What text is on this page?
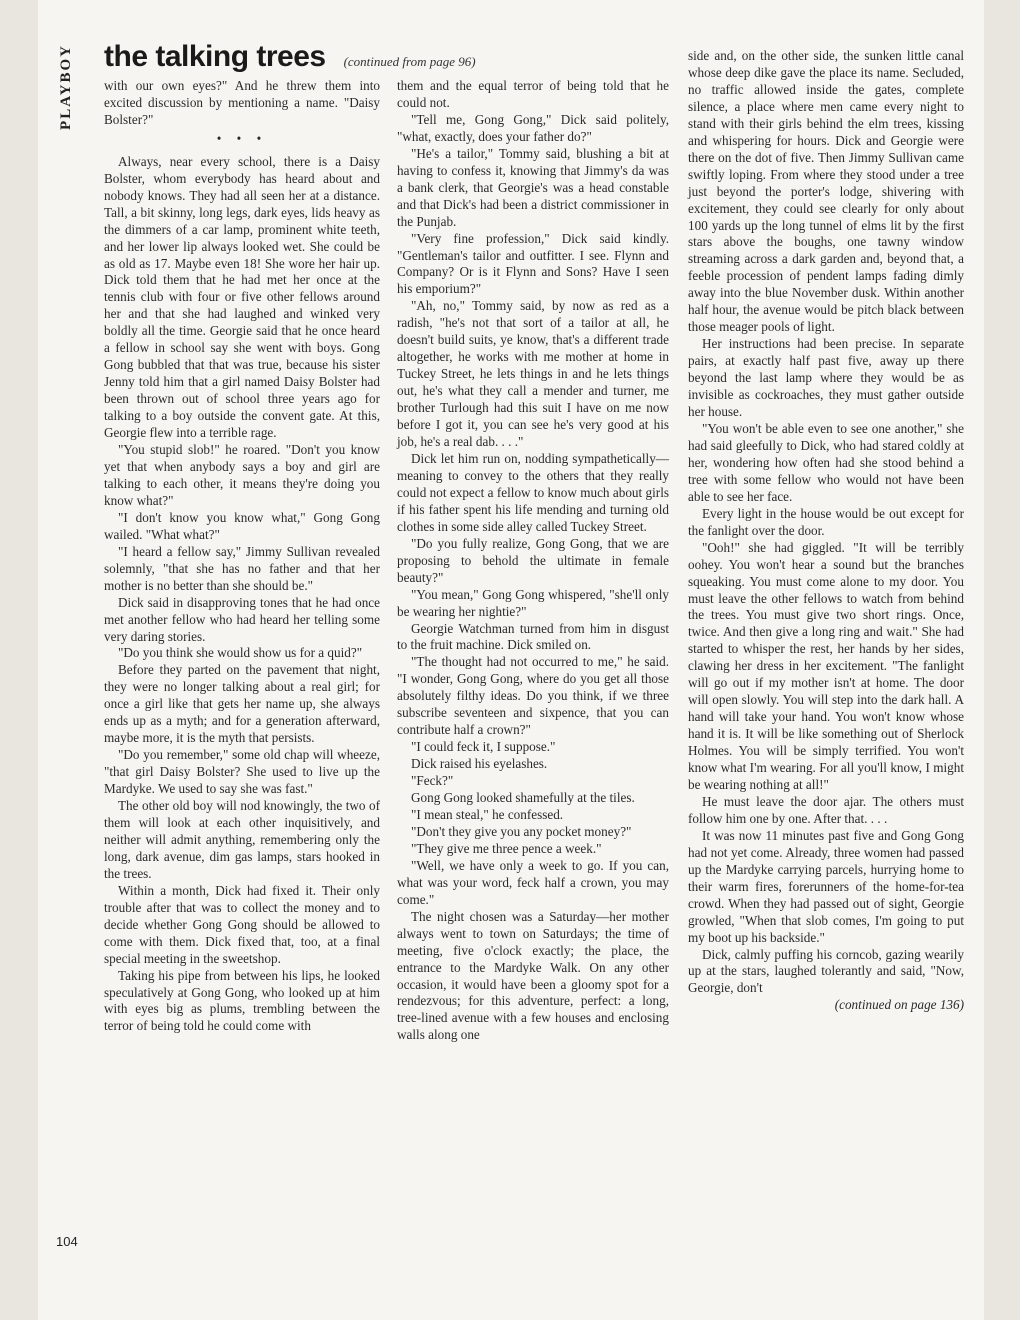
PLAYBOY the talking trees (continued from page 96)

with our own eyes?" And he threw them into excited discussion by mentioning a name. "Daisy Bolster?"

• • •

Always, near every school, there is a Daisy Bolster, whom everybody has heard about and nobody knows. They had all seen her at a distance. Tall, a bit skinny, long legs, dark eyes, lids heavy as the dimmers of a car lamp, prominent white teeth, and her lower lip always looked wet. She could be as old as 17. Maybe even 18! She wore her hair up. Dick told them that he had met her once at the tennis club with four or five other fellows around her and that she had laughed and winked very boldly all the time. Georgie said that he once heard a fellow in school say she went with boys. Gong Gong bubbled that that was true, because his sister Jenny told him that a girl named Daisy Bolster had been thrown out of school three years ago for talking to a boy outside the convent gate. At this, Georgie flew into a terrible rage.

"You stupid slob!" he roared. "Don't you know yet that when anybody says a boy and girl are talking to each other, it means they're doing you know what?"

"I don't know you know what," Gong Gong wailed. "What what?"

"I heard a fellow say," Jimmy Sullivan revealed solemnly, "that she has no father and that her mother is no better than she should be."

Dick said in disapproving tones that he had once met another fellow who had heard her telling some very daring stories.

"Do you think she would show us for a quid?"

Before they parted on the pavement that night, they were no longer talking about a real girl; for once a girl like that gets her name up, she always ends up as a myth; and for a generation afterward, maybe more, it is the myth that persists.

"Do you remember," some old chap will wheeze, "that girl Daisy Bolster? She used to live up the Mardyke. We used to say she was fast."

The other old boy will nod knowingly, the two of them will look at each other inquisitively, and neither will admit anything, remembering only the long, dark avenue, dim gas lamps, stars hooked in the trees.

Within a month, Dick had fixed it. Their only trouble after that was to collect the money and to decide whether Gong Gong should be allowed to come with them. Dick fixed that, too, at a final special meeting in the sweetshop.

Taking his pipe from between his lips, he looked speculatively at Gong Gong, who looked up at him with eyes big as plums, trembling between the terror of being told he could come with

them and the equal terror of being told that he could not.

"Tell me, Gong Gong," Dick said politely, "what, exactly, does your father do?"

"He's a tailor," Tommy said, blushing a bit at having to confess it, knowing that Jimmy's da was a bank clerk, that Georgie's was a head constable and that Dick's had been a district commissioner in the Punjab.

"Very fine profession," Dick said kindly. "Gentleman's tailor and outfitter. I see. Flynn and Company? Or is it Flynn and Sons? Have I seen his emporium?"

"Ah, no," Tommy said, by now as red as a radish, "he's not that sort of a tailor at all, he doesn't build suits, ye know, that's a different trade altogether, he works with me mother at home in Tuckey Street, he lets things in and he lets things out, he's what they call a mender and turner, me brother Turlough had this suit I have on me now before I got it, you can see he's very good at his job, he's a real dab. . . ."

Dick let him run on, nodding sympathetically—meaning to convey to the others that they really could not expect a fellow to know much about girls if his father spent his life mending and turning old clothes in some side alley called Tuckey Street.

"Do you fully realize, Gong Gong, that we are proposing to behold the ultimate in female beauty?"

"You mean," Gong Gong whispered, "she'll only be wearing her nightie?"

Georgie Watchman turned from him in disgust to the fruit machine. Dick smiled on.

"The thought had not occurred to me," he said. "I wonder, Gong Gong, where do you get all those absolutely filthy ideas. Do you think, if we three subscribe seventeen and sixpence, that you can contribute half a crown?"

"I could feck it, I suppose."

Dick raised his eyelashes.

"Feck?"

Gong Gong looked shamefully at the tiles.

"I mean steal," he confessed.

"Don't they give you any pocket money?"

"They give me three pence a week."

"Well, we have only a week to go. If you can, what was your word, feck half a crown, you may come."

The night chosen was a Saturday—her mother always went to town on Saturdays; the time of meeting, five o'clock exactly; the place, the entrance to the Mardyke Walk. On any other occasion, it would have been a gloomy spot for a rendezvous; for this adventure, perfect: a long, tree-lined avenue with a few houses and enclosing walls along one

side and, on the other side, the sunken little canal whose deep dike gave the place its name. Secluded, no traffic allowed inside the gates, complete silence, a place where men came every night to stand with their girls behind the elm trees, kissing and whispering for hours. Dick and Georgie were there on the dot of five. Then Jimmy Sullivan came swiftly loping. From where they stood under a tree just beyond the porter's lodge, shivering with excitement, they could see clearly for only about 100 yards up the long tunnel of elms lit by the first stars above the boughs, one tawny window streaming across a dark garden and, beyond that, a feeble procession of pendent lamps fading dimly away into the blue November dusk. Within another half hour, the avenue would be pitch black between those meager pools of light.

Her instructions had been precise. In separate pairs, at exactly half past five, away up there beyond the last lamp where they would be as invisible as cockroaches, they must gather outside her house.

"You won't be able even to see one another," she had said gleefully to Dick, who had stared coldly at her, wondering how often had she stood behind a tree with some fellow who would not have been able to see her face.

Every light in the house would be out except for the fanlight over the door.

"Ooh!" she had giggled. "It will be terribly oohey. You won't hear a sound but the branches squeaking. You must come alone to my door. You must leave the other fellows to watch from behind the trees. You must give two short rings. Once, twice. And then give a long ring and wait." She had started to whisper the rest, her hands by her sides, clawing her dress in her excitement. "The fanlight will go out if my mother isn't at home. The door will open slowly. You will step into the dark hall. A hand will take your hand. You won't know whose hand it is. It will be like something out of Sherlock Holmes. You will be simply terrified. You won't know what I'm wearing. For all you'll know, I might be wearing nothing at all!"

He must leave the door ajar. The others must follow him one by one. After that. . . .

It was now 11 minutes past five and Gong Gong had not yet come. Already, three women had passed up the Mardyke carrying parcels, hurrying home to their warm fires, forerunners of the home-for-tea crowd. When they had passed out of sight, Georgie growled, "When that slob comes, I'm going to put my boot up his backside."

Dick, calmly puffing his corncob, gazing wearily up at the stars, laughed tolerantly and said, "Now, Georgie, don't

(continued on page 136)

104
